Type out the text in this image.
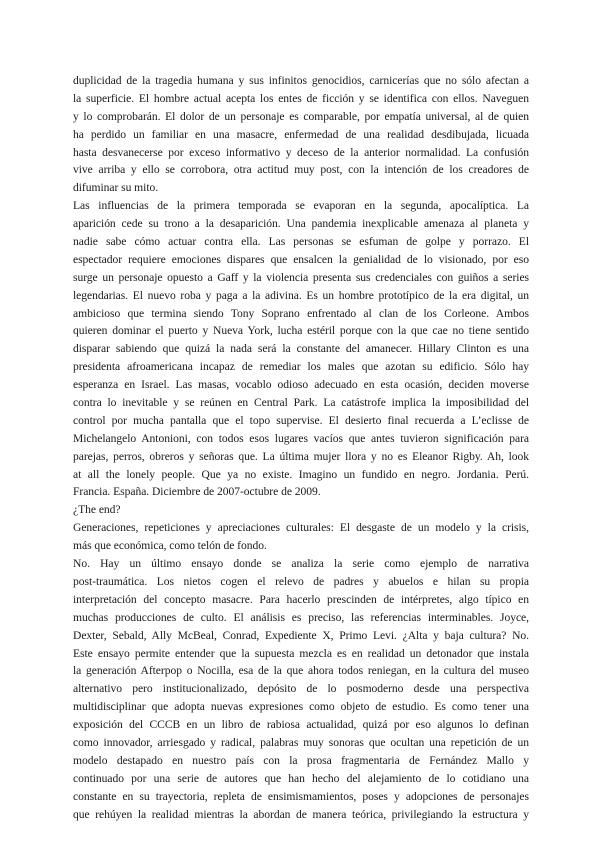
duplicidad de la tragedia humana y sus infinitos genocidios, carnicerías que no sólo afectan a
la superficie. El hombre actual acepta los entes de ficción y se identifica con ellos. Naveguen
y lo comprobarán. El dolor de un personaje es comparable, por empatía universal, al de quien
ha perdido un familiar en una masacre, enfermedad de una realidad desdibujada, licuada
hasta desvanecerse por exceso informativo y deceso de la anterior normalidad. La confusión
vive arriba y ello se corrobora, otra actitud muy post, con la intención de los creadores de
difuminar su mito.
Las influencias de la primera temporada se evaporan en la segunda, apocalíptica. La
aparición cede su trono a la desaparición. Una pandemia inexplicable amenaza al planeta y
nadie sabe cómo actuar contra ella. Las personas se esfuman de golpe y porrazo. El
espectador requiere emociones dispares que ensalcen la genialidad de lo visionado, por eso
surge un personaje opuesto a Gaff y la violencia presenta sus credenciales con guiños a series
legendarias. El nuevo roba y paga a la adivina. Es un hombre prototípico de la era digital, un
ambicioso que termina siendo Tony Soprano enfrentado al clan de los Corleone. Ambos
quieren dominar el puerto y Nueva York, lucha estéril porque con la que cae no tiene sentido
disparar sabiendo que quizá la nada será la constante del amanecer. Hillary Clinton es una
presidenta afroamericana incapaz de remediar los males que azotan su edificio. Sólo hay
esperanza en Israel. Las masas, vocablo odioso adecuado en esta ocasión, deciden moverse
contra lo inevitable y se reúnen en Central Park. La catástrofe implica la imposibilidad del
control por mucha pantalla que el topo supervise. El desierto final recuerda a L’eclisse de
Michelangelo Antonioni, con todos esos lugares vacíos que antes tuvieron significación para
parejas, perros, obreros y señoras que. La última mujer llora y no es Eleanor Rigby. Ah, look
at all the lonely people. Que ya no existe. Imagino un fundido en negro. Jordania. Perú.
Francia. España. Diciembre de 2007-octubre de 2009.
¿The end?
Generaciones, repeticiones y apreciaciones culturales: El desgaste de un modelo y la crisis,
más que económica, como telón de fondo.
No. Hay un último ensayo donde se analiza la serie como ejemplo de narrativa
post-traumática. Los nietos cogen el relevo de padres y abuelos e hilan su propia
interpretación del concepto masacre. Para hacerlo prescinden de intérpretes, algo típico en
muchas producciones de culto. El análisis es preciso, las referencias interminables. Joyce,
Dexter, Sebald, Ally McBeal, Conrad, Expediente X, Primo Levi. ¿Alta y baja cultura? No.
Este ensayo permite entender que la supuesta mezcla es en realidad un detonador que instala
la generación Afterpop o Nocilla, esa de la que ahora todos reniegan, en la cultura del museo
alternativo pero institucionalizado, depósito de lo posmoderno desde una perspectiva
multidisciplinar que adopta nuevas expresiones como objeto de estudio. Es como tener una
exposición del CCCB en un libro de rabiosa actualidad, quizá por eso algunos lo definan
como innovador, arriesgado y radical, palabras muy sonoras que ocultan una repetición de un
modelo destapado en nuestro país con la prosa fragmentaria de Fernández Mallo y
continuado por una serie de autores que han hecho del alejamiento de lo cotidiano una
constante en su trayectoria, repleta de ensimismamientos, poses y adopciones de personajes
que rehúyen la realidad mientras la abordan de manera teórica, privilegiando la estructura y
